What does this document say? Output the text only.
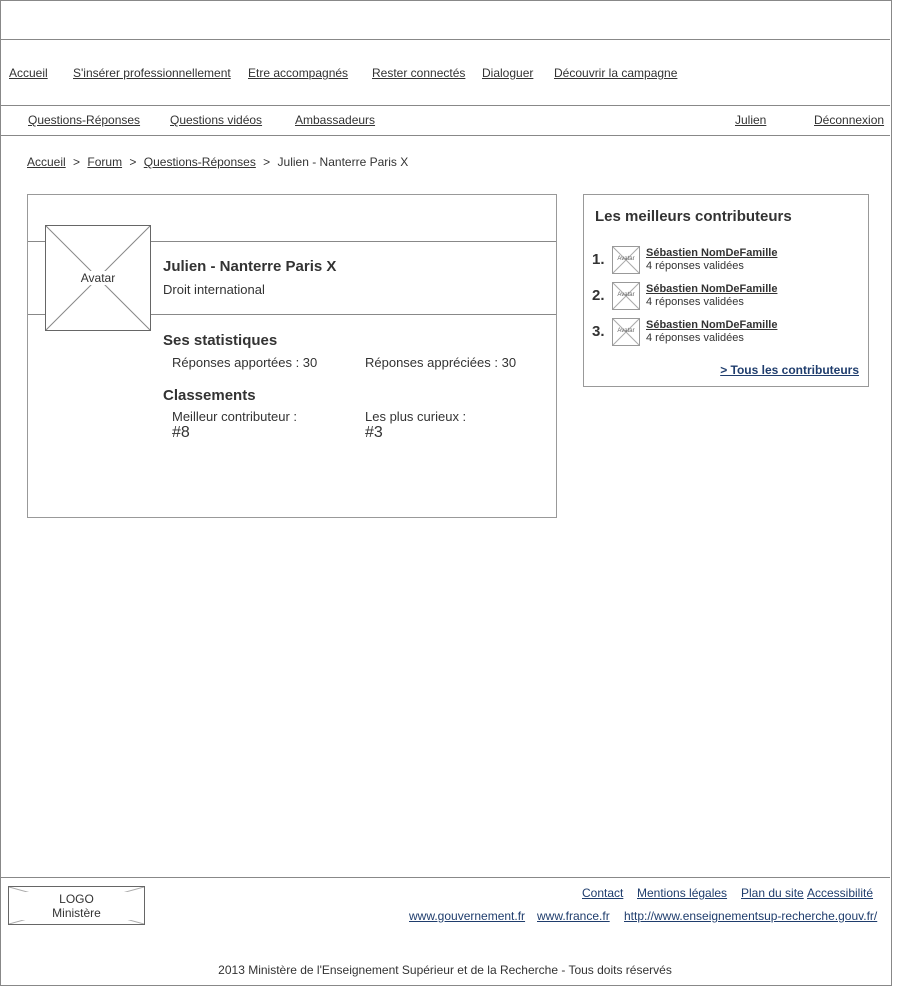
Accueil S'insérer professionnellement Etre accompagnés Rester connectés Dialoguer Découvrir la campagne
Questions-Réponses Questions vidéos	Ambassadeurs	Julien	Déconnexion
Accueil > Forum > Questions-Réponses > Julien - Nanterre Paris X
Avatar
Julien - Nanterre Paris X
Droit international
Ses statistiques
Réponses apportées : 30	Réponses appréciées : 30
Classements
Meilleur contributeur :
#8
Les plus curieux :
#3
Les meilleurs contributeurs
1.	Avatar	Sébastien NomDeFamille
4 réponses validées
2.	Avatar	Sébastien NomDeFamille
4 réponses validées
3.	Avatar	Sébastien NomDeFamille
4 réponses validées
> Tous les contributeurs
LOGO
Ministère
Contact Mentions légales Plan du site Accessibilité
www.gouvernement.fr www.france.fr http://www.enseignementsup-recherche.gouv.fr/
2013 Ministère de l'Enseignement Supérieur et de la Recherche - Tous doits réservés
